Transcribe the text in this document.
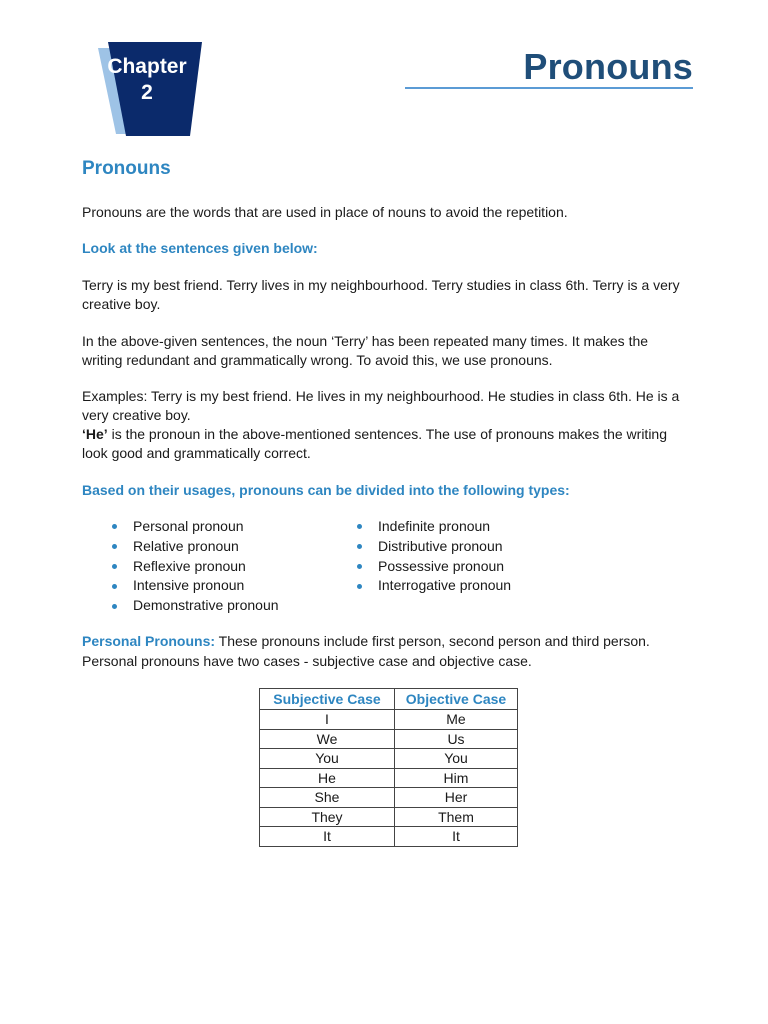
Chapter
2
Pronouns
Pronouns
Pronouns are the words that are used in place of nouns to avoid the repetition.
Look at the sentences given below:
Terry is my best friend. Terry lives in my neighbourhood. Terry studies in class 6th. Terry is a very creative boy.
In the above-given sentences, the noun ‘Terry’ has been repeated many times. It makes the writing redundant and grammatically wrong. To avoid this, we use pronouns.
Examples: Terry is my best friend. He lives in my neighbourhood. He studies in class 6th. He is a very creative boy.
‘He’ is the pronoun in the above-mentioned sentences. The use of pronouns makes the writing look good and grammatically correct.
Based on their usages, pronouns can be divided into the following types:
Personal pronoun
Relative pronoun
Reflexive pronoun
Intensive pronoun
Demonstrative pronoun
Indefinite pronoun
Distributive pronoun
Possessive pronoun
Interrogative pronoun
Personal Pronouns: These pronouns include first person, second person and third person.
Personal pronouns have two cases - subjective case and objective case.
Subjective Case	Objective Case
I	Me
We	Us
You	You
He	Him
She	Her
They	Them
It	It
